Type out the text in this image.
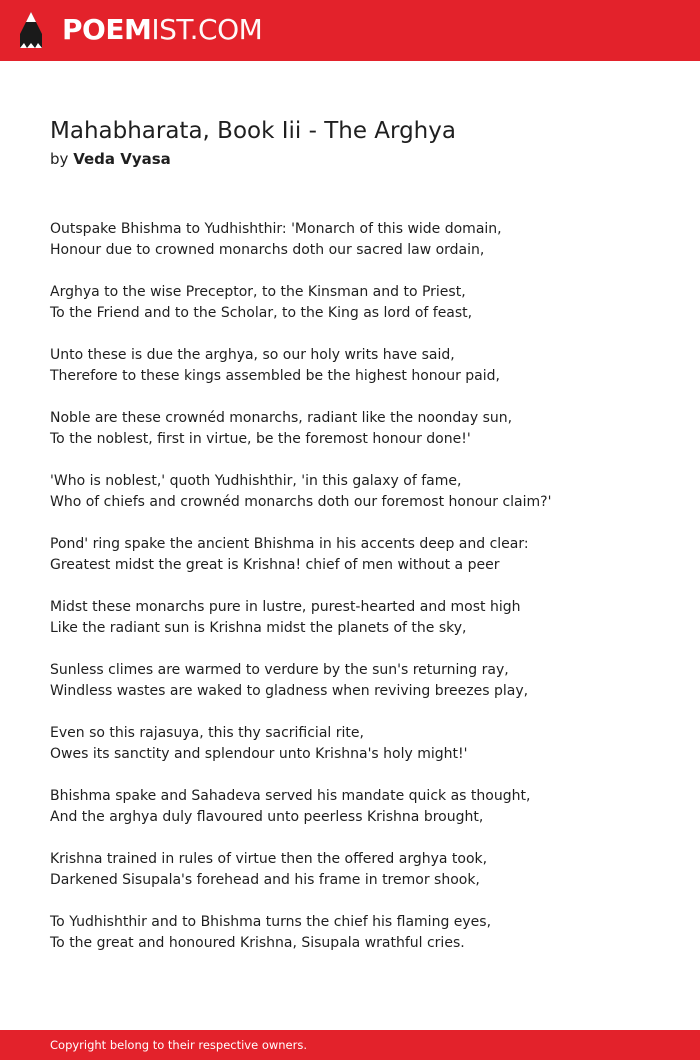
POEMIST.COM
Mahabharata, Book Iii - The Arghya
by Veda Vyasa

Outspake Bhishma to Yudhishthir: 'Monarch of this wide domain,
Honour due to crowned monarchs doth our sacred law ordain,

Arghya to the wise Preceptor, to the Kinsman and to Priest,
To the Friend and to the Scholar, to the King as lord of feast,

Unto these is due the arghya, so our holy writs have said,
Therefore to these kings assembled be the highest honour paid,

Noble are these crownéd monarchs, radiant like the noonday sun,
To the noblest, first in virtue, be the foremost honour done!'

'Who is noblest,' quoth Yudhishthir, 'in this galaxy of fame,
Who of chiefs and crownéd monarchs doth our foremost honour claim?'

Pond' ring spake the ancient Bhishma in his accents deep and clear:
Greatest midst the great is Krishna! chief of men without a peer

Midst these monarchs pure in lustre, purest-hearted and most high
Like the radiant sun is Krishna midst the planets of the sky,

Sunless climes are warmed to verdure by the sun's returning ray,
Windless wastes are waked to gladness when reviving breezes play,

Even so this rajasuya, this thy sacrificial rite,
Owes its sanctity and splendour unto Krishna's holy might!'

Bhishma spake and Sahadeva served his mandate quick as thought,
And the arghya duly flavoured unto peerless Krishna brought,

Krishna trained in rules of virtue then the offered arghya took,
Darkened Sisupala's forehead and his frame in tremor shook,

To Yudhishthir and to Bhishma turns the chief his flaming eyes,
To the great and honoured Krishna, Sisupala wrathful cries.

Copyright belong to their respective owners.
